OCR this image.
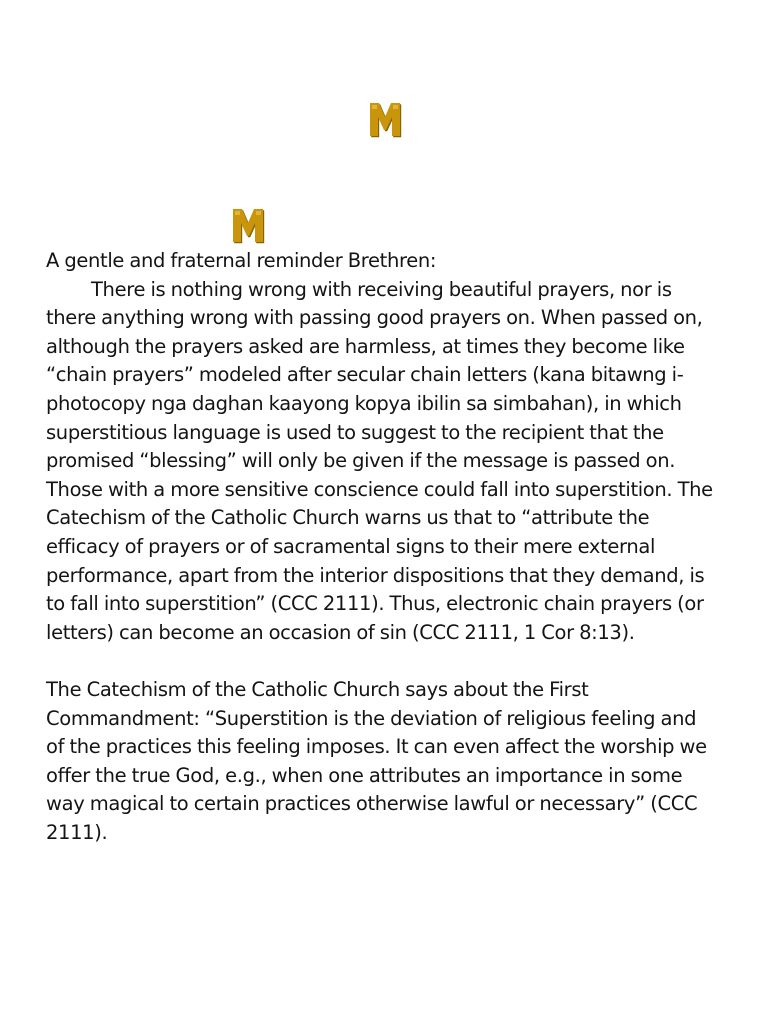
A gentle and fraternal reminder Brethren:
There is nothing wrong with receiving beautiful prayers, nor is
there anything wrong with passing good prayers on. When passed on,
although the prayers asked are harmless, at times they become like
“chain prayers” modeled after secular chain letters (kana bitawng i-
photocopy nga daghan kaayong kopya ibilin sa simbahan), in which
superstitious language is used to suggest to the recipient that the
promised “blessing” will only be given if the message is passed on.
Those with a more sensitive conscience could fall into superstition. The
Catechism of the Catholic Church warns us that to “attribute the
efficacy of prayers or of sacramental signs to their mere external
performance, apart from the interior dispositions that they demand, is
to fall into superstition” (CCC 2111). Thus, electronic chain prayers (or
letters) can become an occasion of sin (CCC 2111, 1 Cor 8:13).
The Catechism of the Catholic Church says about the First
Commandment: “Superstition is the deviation of religious feeling and
of the practices this feeling imposes. It can even affect the worship we
offer the true God, e.g., when one attributes an importance in some
way magical to certain practices otherwise lawful or necessary” (CCC
2111).
